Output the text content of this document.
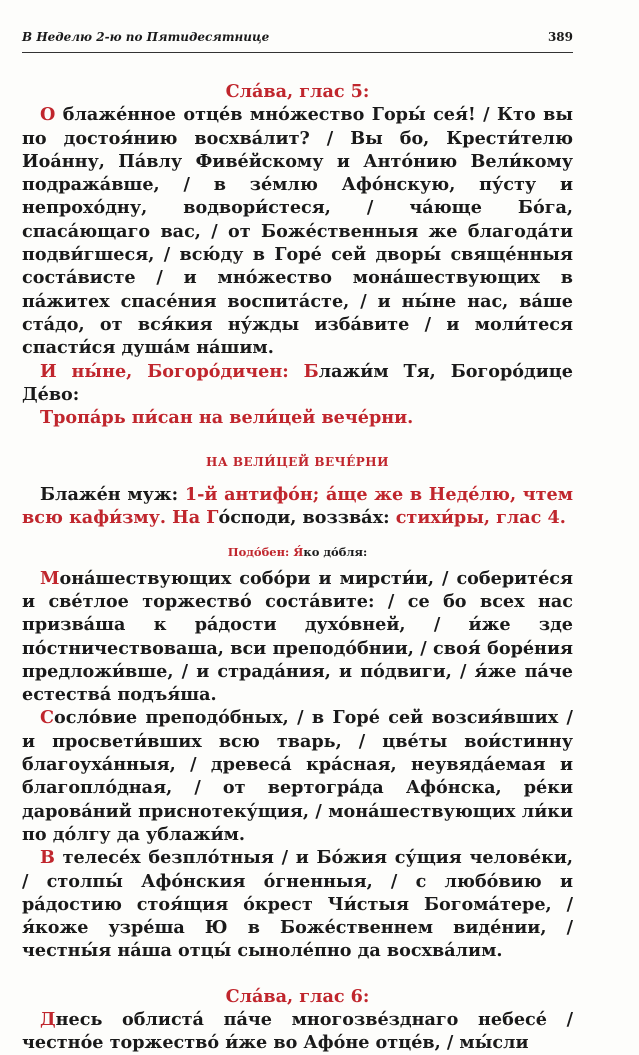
В Неделю 2-ю по Пятидесятнице	389

Сла́ва, глас 5:

О блаже́нное отце́в мно́жество Горы́ сея́! / Кто вы по достоя́нию восхва́лит? / Вы бо, Крести́телю Иоа́нну, Па́влу Фиве́йскому и Анто́нию Вели́кому подража́вше, / в зе́млю Афо́нскую, пу́сту и непрохо́дну, водвори́стеся, / ча́юще Бо́га, спаса́ющаго вас, / от Боже́ственныя же благода́ти подви́гшеся, / всю́ду в Горе́ сей дворы́ свяще́нныя соста́висте / и мно́жество мона́шествующих в па́житех спасе́ния воспита́сте, / и ны́не нас, ва́ше ста́до, от вся́кия ну́жды изба́вите / и моли́теся спасти́ся душа́м на́шим.

И ны́не, Богоро́дичен: Блажи́м Тя, Богоро́дице Де́во:

Тропа́рь пи́сан на вели́цей вече́рни.

НА ВЕЛИ́ЦЕЙ ВЕЧЕ́РНИ

Блаже́н муж: 1-й антифо́н; а́ще же в Неде́лю, чтем всю кафи́зму. На Го́споди, воззва́х: стихи́ры, глас 4.

Подо́бен: Я́ко до́бля:

Мона́шествующих собо́ри и мирсти́и, / соберите́ся и све́тлое торжество́ соста́вите: / се бо всех нас призва́ша к ра́дости духо́вней, / и́же зде по́стничествоваша, вси преподо́бнии, / своя́ боре́ния предложи́вше, / и страда́ния, и по́двиги, / я́же па́че естества́ подъя́ша.

Сосло́вие преподо́бных, / в Горе́ сей возсия́вших / и просвети́вших всю тварь, / цве́ты вои́стинну благоуха́нныя, / древеса́ кра́сная, неувяда́емая и благопло́дная, / от вертогра́да Афо́нска, ре́ки дарова́ний приснотеку́щия, / мона́шествующих ли́ки по до́лгу да ублажи́м.

В телесе́х безпло́тныя / и Бо́жия су́щия челове́ки, / столпы́ Афо́нския о́гненныя, / с любо́вию и ра́достию стоя́щия о́крест Чи́стыя Богома́тере, / я́коже узре́ша Ю в Боже́ственнем виде́нии, / честны́я на́ша отцы́ сыноле́пно да восхва́лим.

Сла́ва, глас 6:

Днесь облиста́ па́че многозве́зднаго небесе́ / честно́е торжество́ и́же во Афо́не отце́в, / мы́сли
